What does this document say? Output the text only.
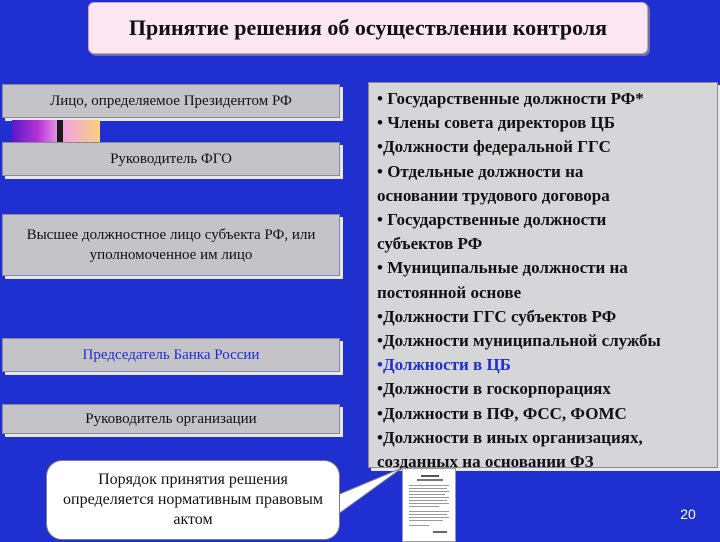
Принятие решения об осуществлении контроля
Лицо, определяемое Президентом РФ
Руководитель ФГО
Высшее должностное лицо субъекта РФ, или уполномоченное им лицо
Председатель Банка России
Руководитель организации
• Государственные должности РФ*
• Члены совета директоров ЦБ
•Должности федеральной ГГС
• Отдельные должности на
основании трудового договора
• Государственные должности
субъектов РФ
• Муниципальные должности на
постоянной основе
•Должности ГГС субъектов РФ
•Должности муниципальной службы
•Должности в ЦБ
•Должности в госкорпорациях
•Должности в ПФ, ФСС, ФОМС
•Должности в иных организациях,
созданных на основании ФЗ
Порядок принятия решения определяется нормативным правовым актом	20
